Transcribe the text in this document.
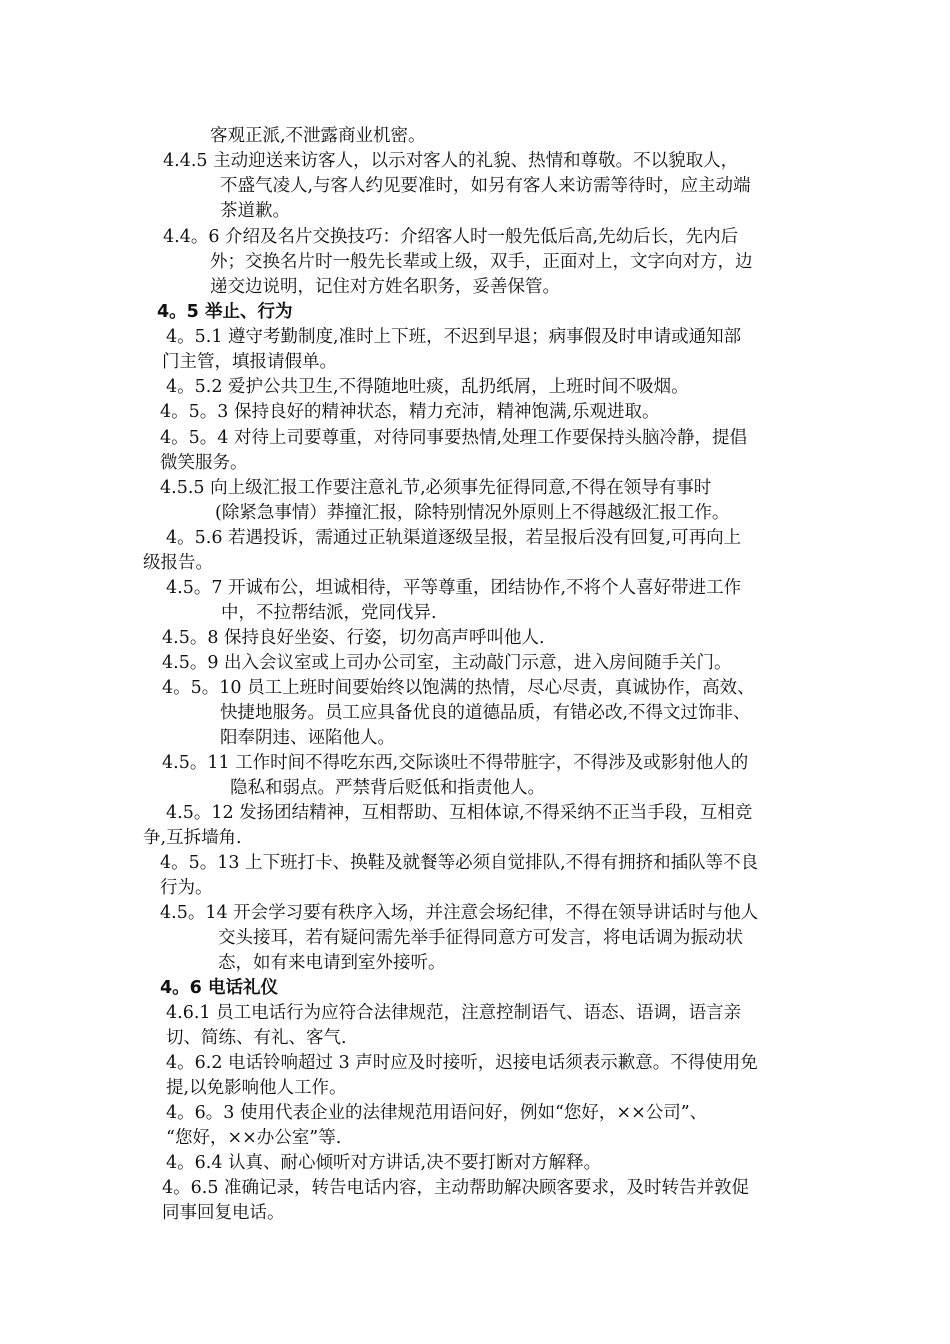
客观正派,不泄露商业机密。

4.4.5 主动迎送来访客人，以示对客人的礼貌、热情和尊敬。不以貌取人，

不盛气凌人,与客人约见要准时，如另有客人来访需等待时，应主动端

茶道歉。

4.4。6 介绍及名片交换技巧：介绍客人时一般先低后高,先幼后长，先内后

外；交换名片时一般先长辈或上级，双手，正面对上，文字向对方，边

递交边说明，记住对方姓名职务，妥善保管。

4。5 举止、行为

4。5.1 遵守考勤制度,准时上下班，不迟到早退；病事假及时申请或通知部

门主管，填报请假单。

4。5.2 爱护公共卫生,不得随地吐痰，乱扔纸屑，上班时间不吸烟。

4。5。3 保持良好的精神状态，精力充沛，精神饱满,乐观进取。

4。5。4 对待上司要尊重，对待同事要热情,处理工作要保持头脑冷静，提倡

微笑服务。

4.5.5 向上级汇报工作要注意礼节,必须事先征得同意,不得在领导有事时

(除紧急事情）莽撞汇报，除特别情况外原则上不得越级汇报工作。

4。5.6 若遇投诉，需通过正轨渠道逐级呈报，若呈报后没有回复,可再向上

级报告。

4.5。7 开诚布公，坦诚相待，平等尊重，团结协作,不将个人喜好带进工作

中，不拉帮结派，党同伐异.

4.5。8 保持良好坐姿、行姿，切勿高声呼叫他人.

4.5。9 出入会议室或上司办公司室，主动敲门示意，进入房间随手关门。

4。5。10 员工上班时间要始终以饱满的热情，尽心尽责，真诚协作，高效、

快捷地服务。员工应具备优良的道德品质，有错必改,不得文过饰非、

阳奉阴违、诬陷他人。

4.5。11 工作时间不得吃东西,交际谈吐不得带脏字，不得涉及或影射他人的

隐私和弱点。严禁背后贬低和指责他人。

4.5。12 发扬团结精神，互相帮助、互相体谅,不得采纳不正当手段，互相竞

争,互拆墙角.

4。5。13 上下班打卡、换鞋及就餐等必须自觉排队,不得有拥挤和插队等不良

行为。

4.5。14 开会学习要有秩序入场，并注意会场纪律，不得在领导讲话时与他人

交头接耳，若有疑问需先举手征得同意方可发言，将电话调为振动状

态，如有来电请到室外接听。

4。6 电话礼仪

4.6.1 员工电话行为应符合法律规范，注意控制语气、语态、语调，语言亲

切、简练、有礼、客气.

4。6.2 电话铃响超过 3 声时应及时接听，迟接电话须表示歉意。不得使用免

提,以免影响他人工作。

4。6。3 使用代表企业的法律规范用语问好，例如“您好，××公司”、

“您好，××办公室”等.

4。6.4 认真、耐心倾听对方讲话,决不要打断对方解释。

4。6.5 准确记录，转告电话内容，主动帮助解决顾客要求，及时转告并敦促

同事回复电话。
